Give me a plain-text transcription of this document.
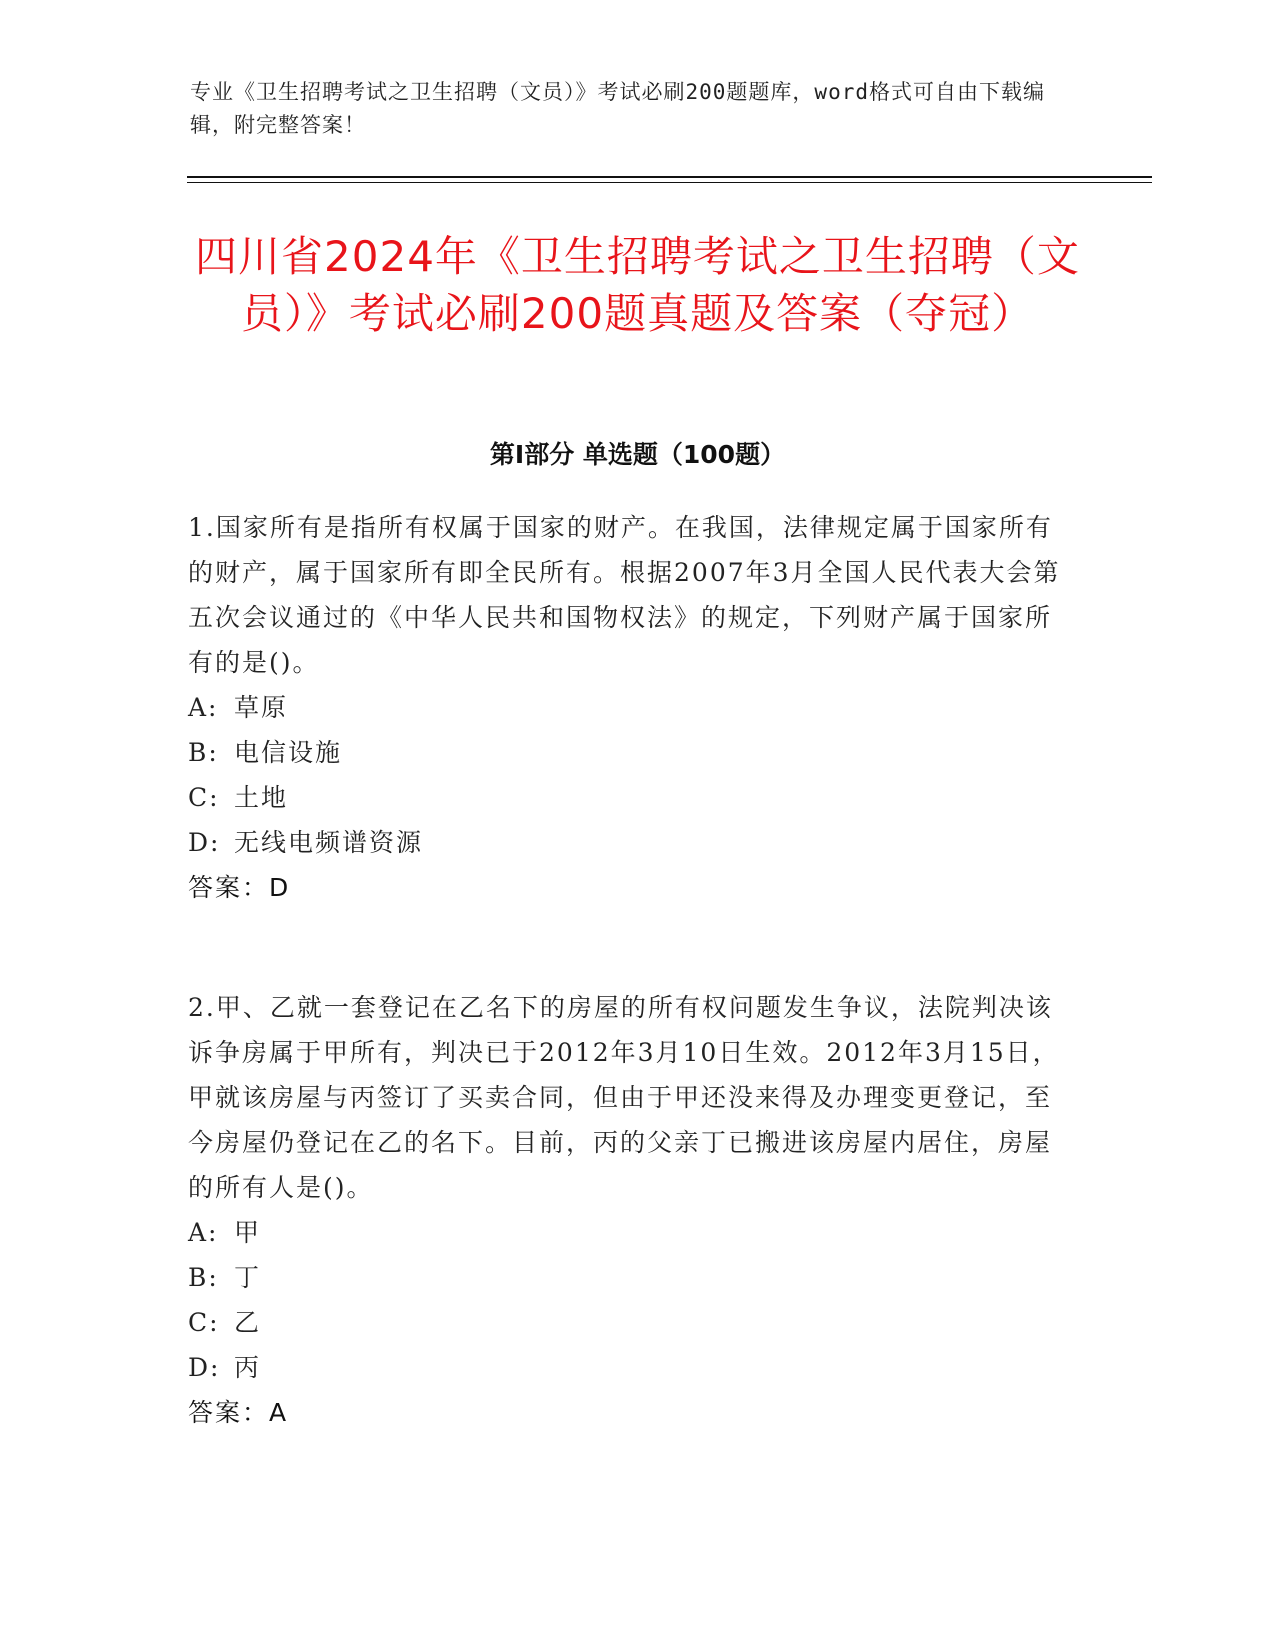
专业《卫生招聘考试之卫生招聘（文员）》考试必刷200题题库，word格式可自由下载编辑，附完整答案！
四川省2024年《卫生招聘考试之卫生招聘（文员）》考试必刷200题真题及答案（夺冠）
第Ⅰ部分 单选题（100题）

1.国家所有是指所有权属于国家的财产。在我国，法律规定属于国家所有的财产，属于国家所有即全民所有。根据2007年3月全国人民代表大会第五次会议通过的《中华人民共和国物权法》的规定，下列财产属于国家所有的是()。

A: 草原
B: 电信设施
C: 土地
D: 无线电频谱资源

答案：D

2.甲、乙就一套登记在乙名下的房屋的所有权问题发生争议，法院判决该诉争房属于甲所有，判决已于2012年3月10日生效。2012年3月15日，甲就该房屋与丙签订了买卖合同，但由于甲还没来得及办理变更登记，至今房屋仍登记在乙的名下。目前，丙的父亲丁已搬进该房屋内居住，房屋的所有人是()。

A: 甲
B: 丁
C: 乙
D: 丙

答案：A
